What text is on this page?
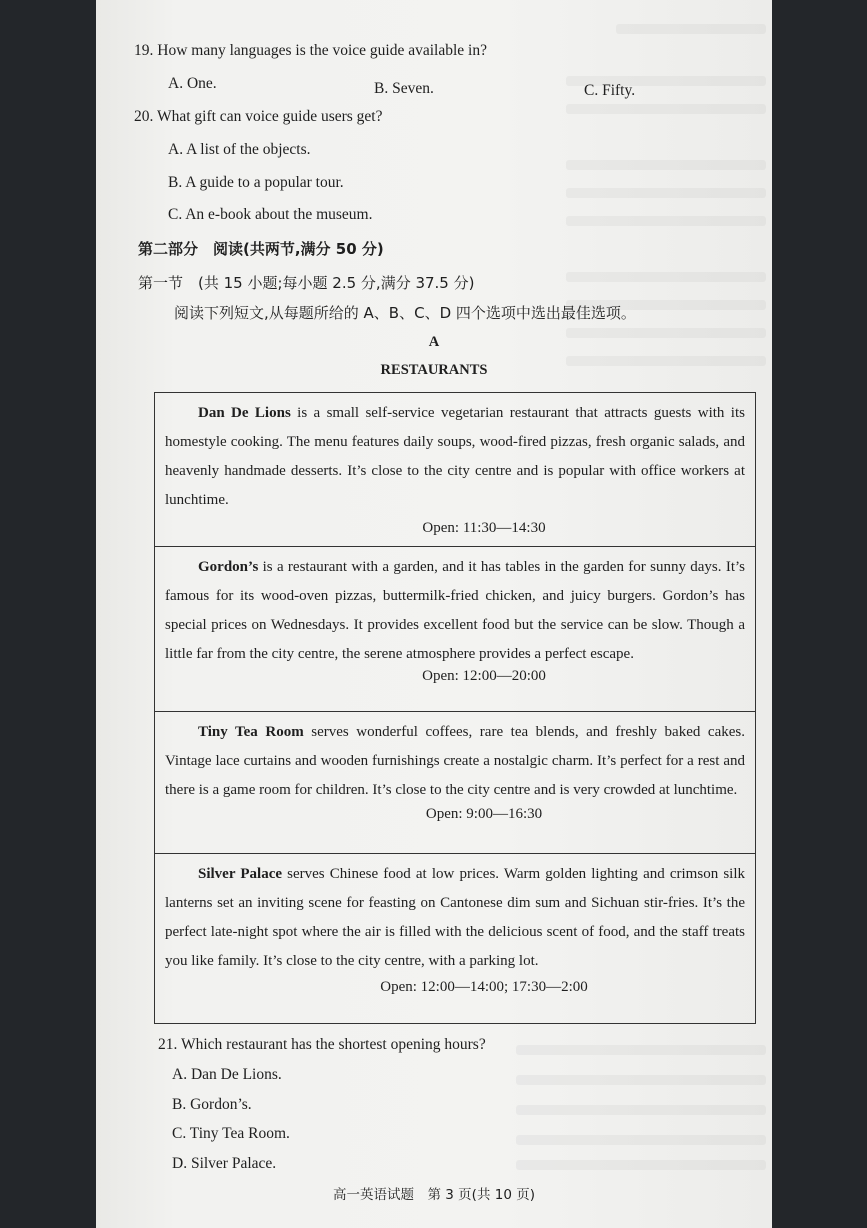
19. How many languages is the voice guide available in?
A. One.	B. Seven.	C. Fifty.
20. What gift can voice guide users get?
A. A list of the objects.
B. A guide to a popular tour.
C. An e-book about the museum.
第二部分　阅读(共两节,满分 50 分)
第一节　(共 15 小题;每小题 2.5 分,满分 37.5 分)
阅读下列短文,从每题所给的 A、B、C、D 四个选项中选出最佳选项。
A
RESTAURANTS

Dan De Lions is a small self-service vegetarian restaurant that attracts guests with its homestyle cooking. The menu features daily soups, wood-fired pizzas, fresh organic salads, and heavenly handmade desserts. It’s close to the city centre and is popular with office workers at lunchtime.

Open: 11:30—14:30

Gordon’s is a restaurant with a garden, and it has tables in the garden for sunny days. It’s famous for its wood-oven pizzas, buttermilk-fried chicken, and juicy burgers. Gordon’s has special prices on Wednesdays. It provides excellent food but the service can be slow. Though a little far from the city centre, the serene atmosphere provides a perfect escape.

Open: 12:00—20:00

Tiny Tea Room serves wonderful coffees, rare tea blends, and freshly baked cakes. Vintage lace curtains and wooden furnishings create a nostalgic charm. It’s perfect for a rest and there is a game room for children. It’s close to the city centre and is very crowded at lunchtime.

Open: 9:00—16:30

Silver Palace serves Chinese food at low prices. Warm golden lighting and crimson silk lanterns set an inviting scene for feasting on Cantonese dim sum and Sichuan stir-fries. It’s the perfect late-night spot where the air is filled with the delicious scent of food, and the staff treats you like family. It’s close to the city centre, with a parking lot.

Open: 12:00—14:00; 17:30—2:00
21. Which restaurant has the shortest opening hours?
A. Dan De Lions.
B. Gordon’s.
C. Tiny Tea Room.
D. Silver Palace.
高一英语试题　第 3 页(共 10 页)
